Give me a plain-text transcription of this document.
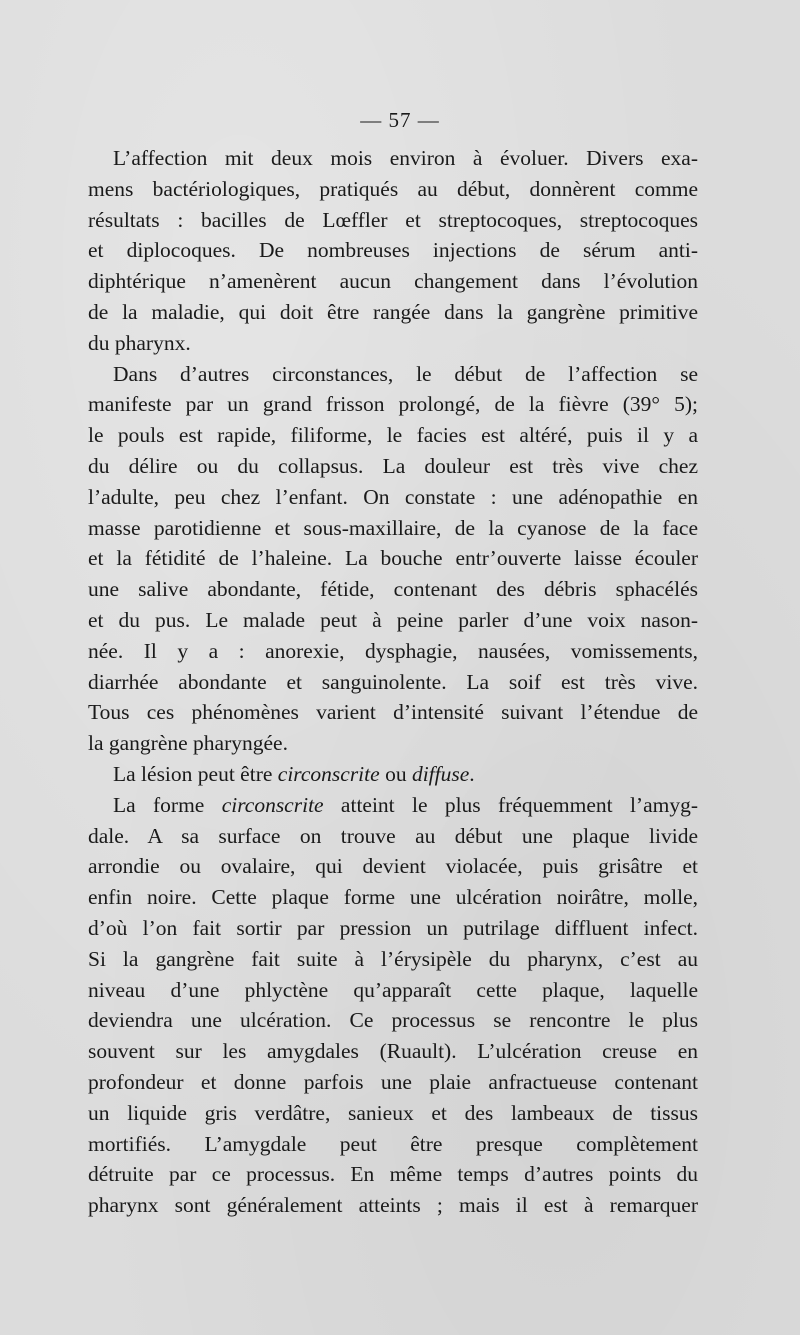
— 57 —
L’affection mit deux mois environ à évoluer. Divers exa-
mens bactériologiques, pratiqués au début, donnèrent comme
résultats : bacilles de Lœffler et streptocoques, streptocoques
et diplocoques. De nombreuses injections de sérum anti-
diphtérique n’amenèrent aucun changement dans l’évolution
de la maladie, qui doit être rangée dans la gangrène primitive
du pharynx.
Dans d’autres circonstances, le début de l’affection se
manifeste par un grand frisson prolongé, de la fièvre (39° 5);
le pouls est rapide, filiforme, le facies est altéré, puis il y a
du délire ou du collapsus. La douleur est très vive chez
l’adulte, peu chez l’enfant. On constate : une adénopathie en
masse parotidienne et sous-maxillaire, de la cyanose de la face
et la fétidité de l’haleine. La bouche entr’ouverte laisse écouler
une salive abondante, fétide, contenant des débris sphacélés
et du pus. Le malade peut à peine parler d’une voix nason-
née. Il y a : anorexie, dysphagie, nausées, vomissements,
diarrhée abondante et sanguinolente. La soif est très vive.
Tous ces phénomènes varient d’intensité suivant l’étendue de
la gangrène pharyngée.
La lésion peut être circonscrite ou diffuse.
La forme circonscrite atteint le plus fréquemment l’amyg-
dale. A sa surface on trouve au début une plaque livide
arrondie ou ovalaire, qui devient violacée, puis grisâtre et
enfin noire. Cette plaque forme une ulcération noirâtre, molle,
d’où l’on fait sortir par pression un putrilage diffluent infect.
Si la gangrène fait suite à l’érysipèle du pharynx, c’est au
niveau d’une phlyctène qu’apparaît cette plaque, laquelle
deviendra une ulcération. Ce processus se rencontre le plus
souvent sur les amygdales (Ruault). L’ulcération creuse en
profondeur et donne parfois une plaie anfractueuse contenant
un liquide gris verdâtre, sanieux et des lambeaux de tissus
mortifiés. L’amygdale peut être presque complètement
détruite par ce processus. En même temps d’autres points du
pharynx sont généralement atteints ; mais il est à remarquer
